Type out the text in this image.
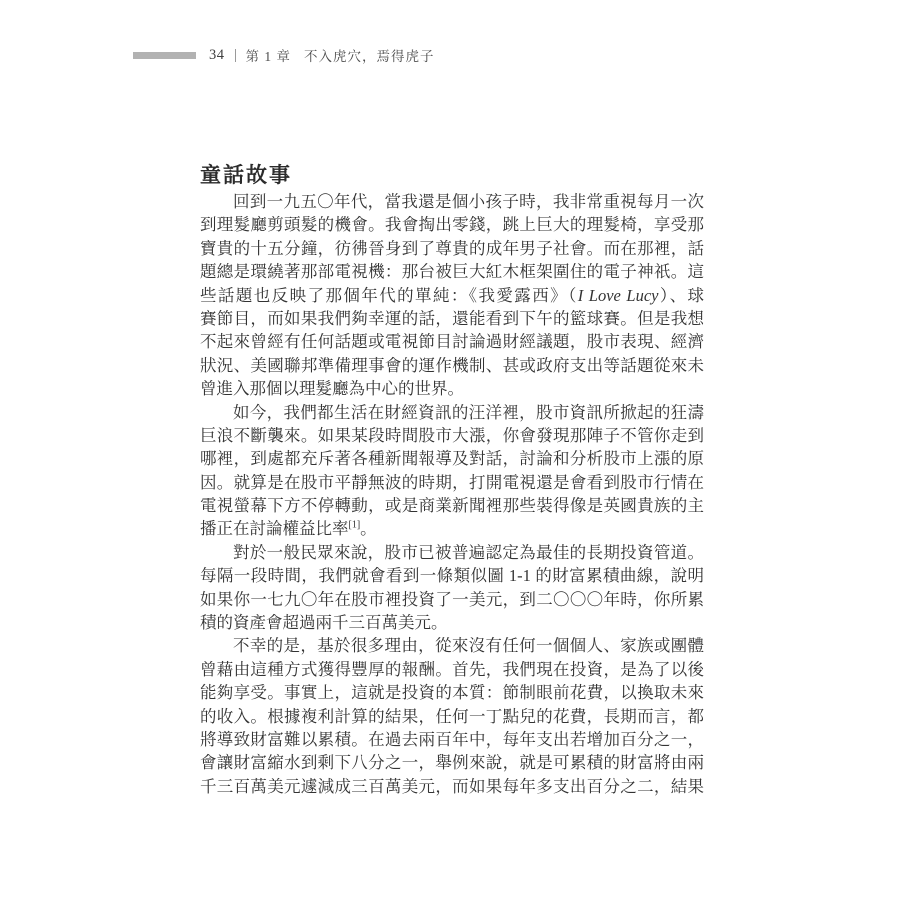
34 第 1 章 不入虎穴，焉得虎子
童話故事
回到一九五〇年代，當我還是個小孩子時，我非常重視每月一次
到理髮廳剪頭髮的機會。我會掏出零錢，跳上巨大的理髮椅，享受那
寶貴的十五分鐘，彷彿晉身到了尊貴的成年男子社會。而在那裡，話
題總是環繞著那部電視機：那台被巨大紅木框架圍住的電子神祇。這
些話題也反映了那個年代的單純：《我愛露西》（I Love Lucy）、球
賽節目，而如果我們夠幸運的話，還能看到下午的籃球賽。但是我想
不起來曾經有任何話題或電視節目討論過財經議題，股市表現、經濟
狀況、美國聯邦準備理事會的運作機制、甚或政府支出等話題從來未
曾進入那個以理髮廳為中心的世界。
如今，我們都生活在財經資訊的汪洋裡，股市資訊所掀起的狂濤
巨浪不斷襲來。如果某段時間股市大漲，你會發現那陣子不管你走到
哪裡，到處都充斥著各種新聞報導及對話，討論和分析股市上漲的原
因。就算是在股市平靜無波的時期，打開電視還是會看到股市行情在
電視螢幕下方不停轉動，或是商業新聞裡那些裝得像是英國貴族的主
播正在討論權益比率[1]。
對於一般民眾來說，股市已被普遍認定為最佳的長期投資管道。
每隔一段時間，我們就會看到一條類似圖 1-1 的財富累積曲線，說明
如果你一七九〇年在股市裡投資了一美元，到二〇〇〇年時，你所累
積的資產會超過兩千三百萬美元。
不幸的是，基於很多理由，從來沒有任何一個個人、家族或團體
曾藉由這種方式獲得豐厚的報酬。首先，我們現在投資，是為了以後
能夠享受。事實上，這就是投資的本質：節制眼前花費，以換取未來
的收入。根據複利計算的結果，任何一丁點兒的花費，長期而言，都
將導致財富難以累積。在過去兩百年中，每年支出若增加百分之一，
會讓財富縮水到剩下八分之一，舉例來說，就是可累積的財富將由兩
千三百萬美元遽減成三百萬美元，而如果每年多支出百分之二，結果
